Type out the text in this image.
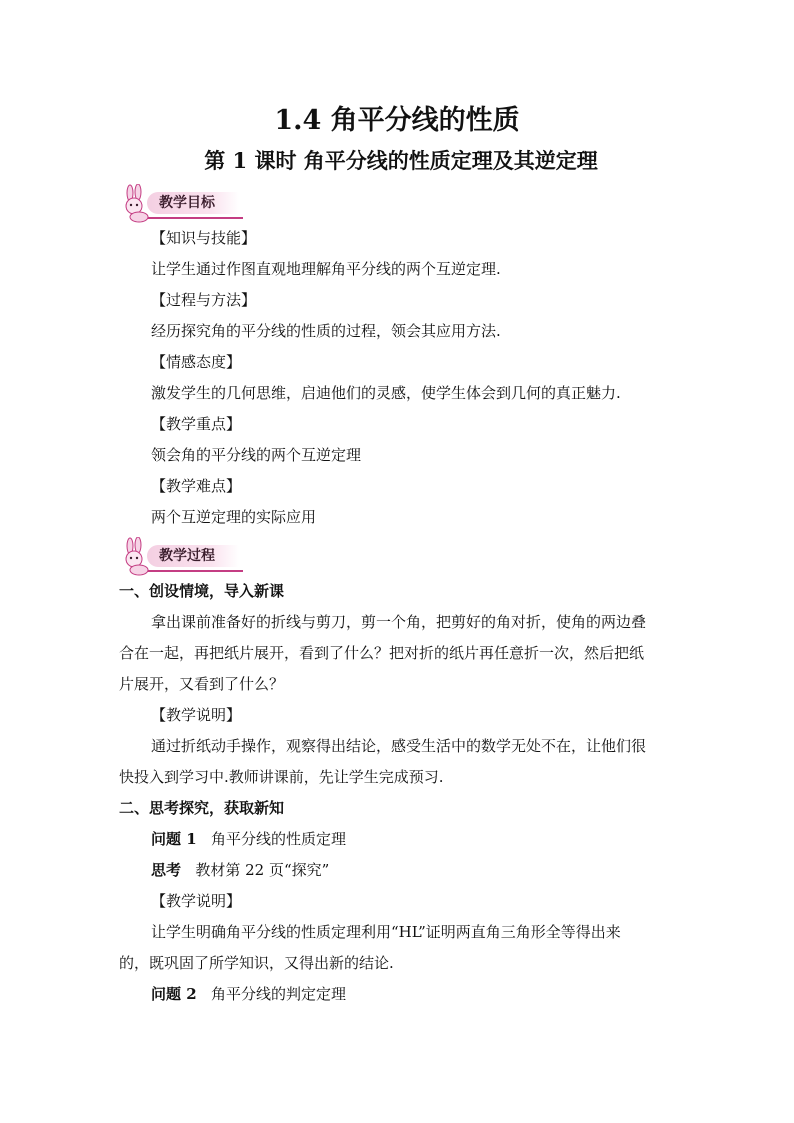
1.4 角平分线的性质
第 1 课时 角平分线的性质定理及其逆定理
教学目标
【知识与技能】
让学生通过作图直观地理解角平分线的两个互逆定理.
【过程与方法】
经历探究角的平分线的性质的过程，领会其应用方法.
【情感态度】
激发学生的几何思维，启迪他们的灵感，使学生体会到几何的真正魅力.
【教学重点】
领会角的平分线的两个互逆定理
【教学难点】
两个互逆定理的实际应用
教学过程
一、创设情境，导入新课
拿出课前准备好的折线与剪刀，剪一个角，把剪好的角对折，使角的两边叠
合在一起，再把纸片展开，看到了什么？把对折的纸片再任意折一次，然后把纸
片展开，又看到了什么？
【教学说明】
通过折纸动手操作，观察得出结论，感受生活中的数学无处不在，让他们很
快投入到学习中.教师讲课前，先让学生完成预习.
二、思考探究，获取新知
问题 1 角平分线的性质定理
思考 教材第 22 页“探究”
【教学说明】
让学生明确角平分线的性质定理利用“HL”证明两直角三角形全等得出来
的，既巩固了所学知识，又得出新的结论.
问题 2 角平分线的判定定理
